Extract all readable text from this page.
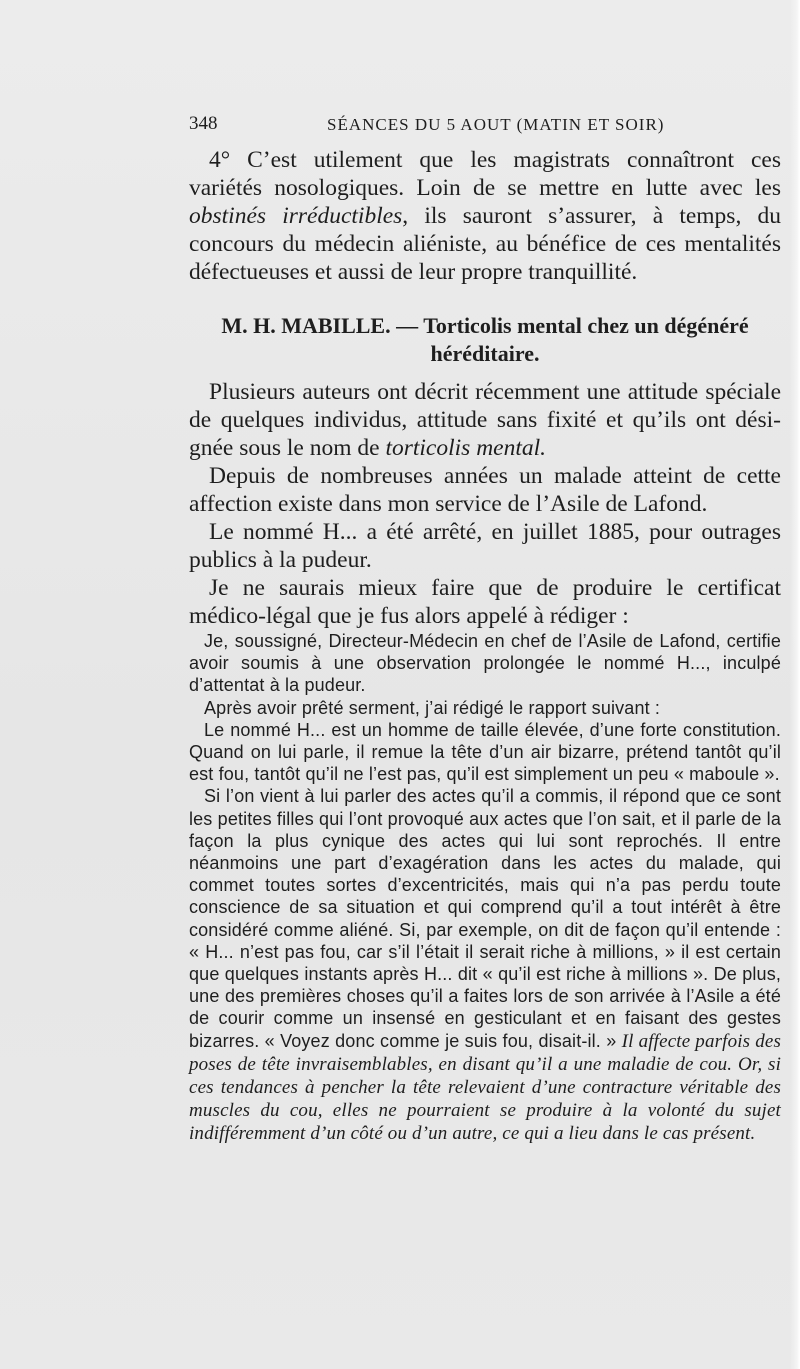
348	SÉANCES DU 5 AOUT (MATIN ET SOIR)

4° C’est utilement que les magistrats connaîtront ces variétés nosologiques. Loin de se mettre en lutte avec les obstinés irréductibles, ils sauront s’assurer, à temps, du concours du médecin aliéniste, au bénéfice de ces mentalités défectueuses et aussi de leur propre tranquillité.

M. H. MABILLE. — Torticolis mental chez un dégénéré
héréditaire.

Plusieurs auteurs ont décrit récemment une attitude spéciale de quelques individus, attitude sans fixité et qu’ils ont désignée sous le nom de torticolis mental.

Depuis de nombreuses années un malade atteint de cette affection existe dans mon service de l’Asile de Lafond.

Le nommé H... a été arrêté, en juillet 1885, pour outrages publics à la pudeur.

Je ne saurais mieux faire que de produire le certificat médico-légal que je fus alors appelé à rédiger :

Je, soussigné, Directeur-Médecin en chef de l’Asile de Lafond, certifie avoir soumis à une observation prolongée le nommé H..., inculpé d’attentat à la pudeur.

Après avoir prêté serment, j’ai rédigé le rapport suivant :

Le nommé H... est un homme de taille élevée, d’une forte constitution. Quand on lui parle, il remue la tête d’un air bizarre, prétend tantôt qu’il est fou, tantôt qu’il ne l’est pas, qu’il est simplement un peu « maboule ».

Si l’on vient à lui parler des actes qu’il a commis, il répond que ce sont les petites filles qui l’ont provoqué aux actes que l’on sait, et il parle de la façon la plus cynique des actes qui lui sont reprochés. Il entre néanmoins une part d’exagération dans les actes du malade, qui commet toutes sortes d’excentricités, mais qui n’a pas perdu toute conscience de sa situation et qui comprend qu’il a tout intérêt à être considéré comme aliéné. Si, par exemple, on dit de façon qu’il entende : « H... n’est pas fou, car s’il l’était il serait riche à millions, » il est certain que quelques instants après H... dit « qu’il est riche à millions ». De plus, une des premières choses qu’il a faites lors de son arrivée à l’Asile a été de courir comme un insensé en gesticulant et en faisant des gestes bizarres. « Voyez donc comme je suis fou, disait-il. » Il affecte parfois des poses de tête invraisemblables, en disant qu’il a une maladie de cou. Or, si ces tendances à pencher la tête relevaient d’une contracture véritable des muscles du cou, elles ne pourraient se produire à la volonté du sujet indifféremment d’un côté ou d’un autre, ce qui a lieu dans le cas présent.
